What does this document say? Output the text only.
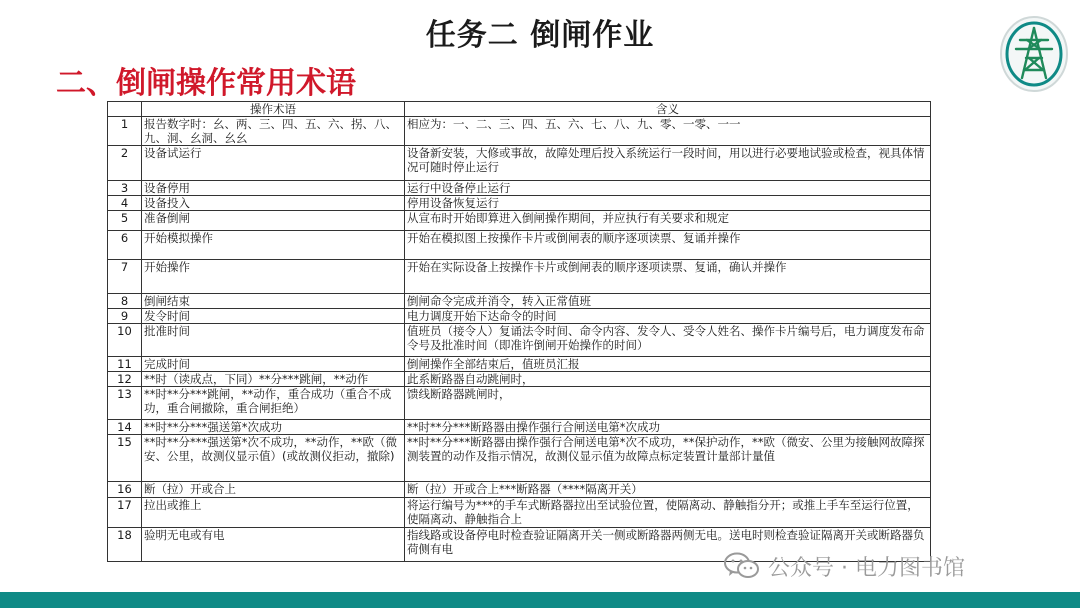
任务二 倒闸作业
二、倒闸操作常用术语
	操作术语	含义
1	报告数字时：幺、两、三、四、五、六、拐、八、九、洞、幺洞、幺幺	相应为：一、二、三、四、五、六、七、八、九、零、一零、一一
2	设备试运行	设备新安装，大修或事故，故障处理后投入系统运行一段时间，用以进行必要地试验或检查，视具体情况可随时停止运行
3	设备停用	运行中设备停止运行
4	设备投入	停用设备恢复运行
5	准备倒闸	从宣布时开始即算进入倒闸操作期间，并应执行有关要求和规定
6	开始模拟操作	开始在模拟图上按操作卡片或倒闸表的顺序逐项读票、复诵并操作
7	开始操作	开始在实际设备上按操作卡片或倒闸表的顺序逐项读票、复诵，确认并操作
8	倒闸结束	倒闸命令完成并消令，转入正常值班
9	发令时间	电力调度开始下达命令的时间
10	批准时间	值班员（接令人）复诵法令时间、命令内容、发令人、受令人姓名、操作卡片编号后，电力调度发布命令号及批准时间（即准许倒闸开始操作的时间）
11	完成时间	倒闸操作全部结束后，值班员汇报
12	**时（读成点，下同）**分***跳闸，**动作	此系断路器自动跳闸时，
13	**时**分***跳闸，**动作，重合成功（重合不成功，重合闸撤除，重合闸拒绝）	馈线断路器跳闸时，
14	**时**分***强送第*次成功	**时**分***断路器由操作强行合闸送电第*次成功
15	**时**分***强送第*次不成功，**动作，**欧（微安、公里，故测仪显示值）(或故测仪拒动，撤除)	**时**分***断路器由操作强行合闸送电第*次不成功，**保护动作，**欧（微安、公里为接触网故障探测装置的动作及指示情况，故测仪显示值为故障点标定装置计量部计量值
16	断（拉）开或合上	断（拉）开或合上***断路器（****隔离开关）
17	拉出或推上	将运行编号为***的手车式断路器拉出至试验位置，使隔离动、静触指分开；或推上手车至运行位置，使隔离动、静触指合上
18	验明无电或有电	指线路或设备停电时检查验证隔离开关一侧或断路器两侧无电。送电时则检查验证隔离开关或断路器负荷侧有电
公众号 · 电力图书馆
